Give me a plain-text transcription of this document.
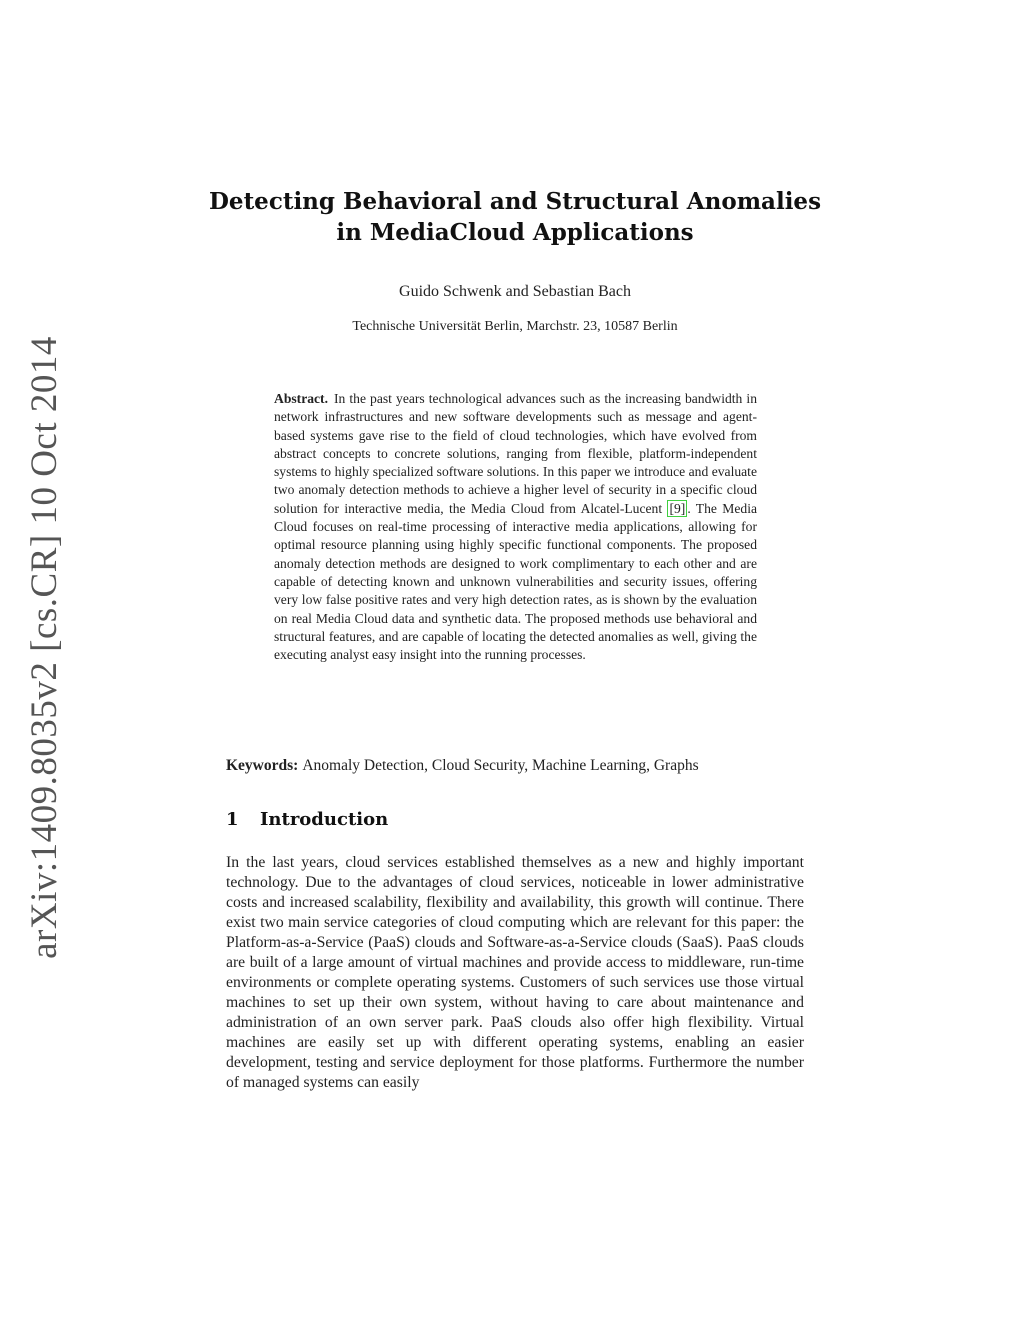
arXiv:1409.8035v2 [cs.CR] 10 Oct 2014
Detecting Behavioral and Structural Anomalies
in MediaCloud Applications
Guido Schwenk and Sebastian Bach
Technische Universität Berlin, Marchstr. 23, 10587 Berlin
Abstract. In the past years technological advances such as the increasing bandwidth in network infrastructures and new software developments such as message and agent-based systems gave rise to the field of cloud technologies, which have evolved from abstract concepts to concrete solutions, ranging from flexible, platform-independent systems to highly specialized software solutions. In this paper we introduce and evaluate two anomaly detection methods to achieve a higher level of security in a specific cloud solution for interactive media, the Media Cloud from Alcatel-Lucent [9] . The Media Cloud focuses on real-time processing of interactive media applications, allowing for optimal resource planning using highly specific functional components. The proposed anomaly detection methods are designed to work complimentary to each other and are capable of detecting known and unknown vulnerabilities and security issues, offering very low false positive rates and very high detection rates, as is shown by the evaluation on real Media Cloud data and synthetic data. The proposed methods use behavioral and structural features, and are capable of locating the detected anomalies as well, giving the executing analyst easy insight into the running processes.
Keywords: Anomaly Detection, Cloud Security, Machine Learning, Graphs
1 Introduction
In the last years, cloud services established themselves as a new and highly important technology. Due to the advantages of cloud services, noticeable in lower administrative costs and increased scalability, flexibility and availability, this growth will continue. There exist two main service categories of cloud computing which are relevant for this paper: the Platform-as-a-Service (PaaS) clouds and Software-as-a-Service clouds (SaaS). PaaS clouds are built of a large amount of virtual machines and provide access to middleware, run-time environments or complete operating systems. Customers of such services use those virtual machines to set up their own system, without having to care about maintenance and administration of an own server park. PaaS clouds also offer high flexibility. Virtual machines are easily set up with different operating systems, enabling an easier development, testing and service deployment for those platforms. Furthermore the number of managed systems can easily
